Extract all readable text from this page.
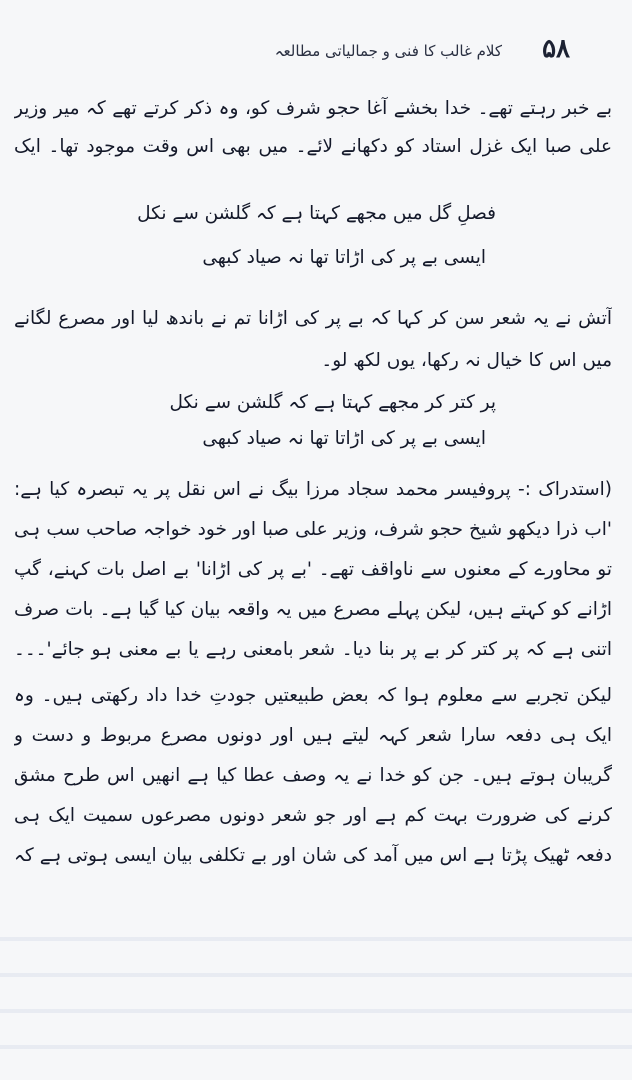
۵۸
کلام غالب کا فنی و جمالیاتی مطالعہ

بے خبر رہتے تھے۔ خدا بخشے آغا حجو شرف کو، وہ ذکر کرتے تھے کہ میر وزیر علی صبا ایک غزل استاد کو دکھانے لائے۔ میں بھی اس وقت موجود تھا۔ ایک

فصلِ گل میں مجھے کہتا ہے کہ گلشن سے نکل

ایسی بے پر کی اڑاتا تھا نہ صیاد کبھی

آتش نے یہ شعر سن کر کہا کہ بے پر کی اڑانا تم نے باندھ لیا اور مصرع لگانے میں اس کا خیال نہ رکھا، یوں لکھ لو۔

پر کتر کر مجھے کہتا ہے کہ گلشن سے نکل

ایسی بے پر کی اڑاتا تھا نہ صیاد کبھی

(استدراک :- پروفیسر محمد سجاد مرزا بیگ نے اس نقل پر یہ تبصرہ کیا ہے: 'اب ذرا دیکھو شیخ حجو شرف، وزیر علی صبا اور خود خواجہ صاحب سب ہی تو محاورے کے معنوں سے ناواقف تھے۔ 'بے پر کی اڑانا' بے اصل بات کہنے، گپ اڑانے کو کہتے ہیں، لیکن پہلے مصرع میں یہ واقعہ بیان کیا گیا ہے۔ بات صرف اتنی ہے کہ پر کتر کر بے پر بنا دیا۔ شعر بامعنی رہے یا بے معنی ہو جائے'۔۔۔

لیکن تجربے سے معلوم ہوا کہ بعض طبیعتیں جودتِ خدا داد رکھتی ہیں۔ وہ ایک ہی دفعہ سارا شعر کہہ لیتے ہیں اور دونوں مصرع مربوط و دست و گریبان ہوتے ہیں۔ جن کو خدا نے یہ وصف عطا کیا ہے انھیں اس طرح مشق کرنے کی ضرورت بہت کم ہے اور جو شعر دونوں مصرعوں سمیت ایک ہی دفعہ ٹھیک پڑتا ہے اس میں آمد کی شان اور بے تکلفی بیان ایسی ہوتی ہے کہ
